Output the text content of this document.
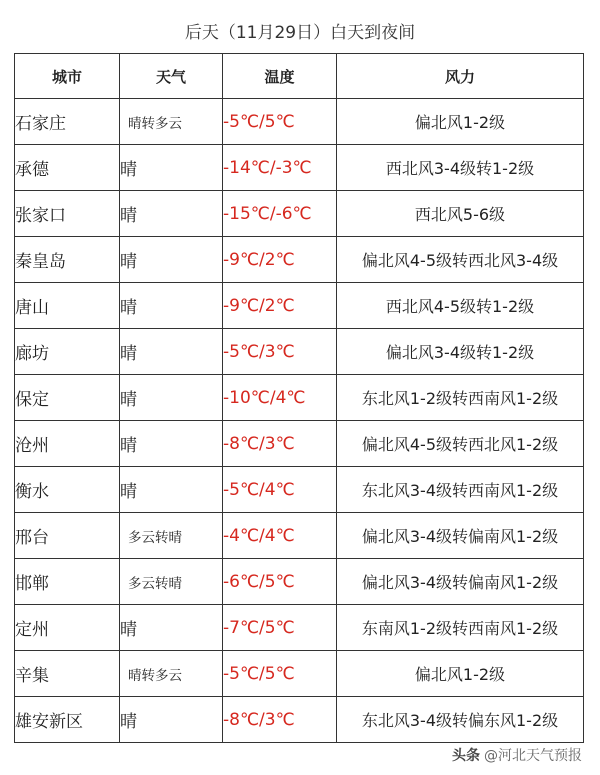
后天（11月29日）白天到夜间
城市	天气	温度	风力
石家庄	晴转多云	-5℃/5℃	偏北风1-2级
承德	晴	-14℃/-3℃	西北风3-4级转1-2级
张家口	晴	-15℃/-6℃	西北风5-6级
秦皇岛	晴	-9℃/2℃	偏北风4-5级转西北风3-4级
唐山	晴	-9℃/2℃	西北风4-5级转1-2级
廊坊	晴	-5℃/3℃	偏北风3-4级转1-2级
保定	晴	-10℃/4℃	东北风1-2级转西南风1-2级
沧州	晴	-8℃/3℃	偏北风4-5级转西北风1-2级
衡水	晴	-5℃/4℃	东北风3-4级转西南风1-2级
邢台	多云转晴	-4℃/4℃	偏北风3-4级转偏南风1-2级
邯郸	多云转晴	-6℃/5℃	偏北风3-4级转偏南风1-2级
定州	晴	-7℃/5℃	东南风1-2级转西南风1-2级
辛集	晴转多云	-5℃/5℃	偏北风1-2级
雄安新区	晴	-8℃/3℃	东北风3-4级转偏东风1-2级
头条 @河北天气预报
